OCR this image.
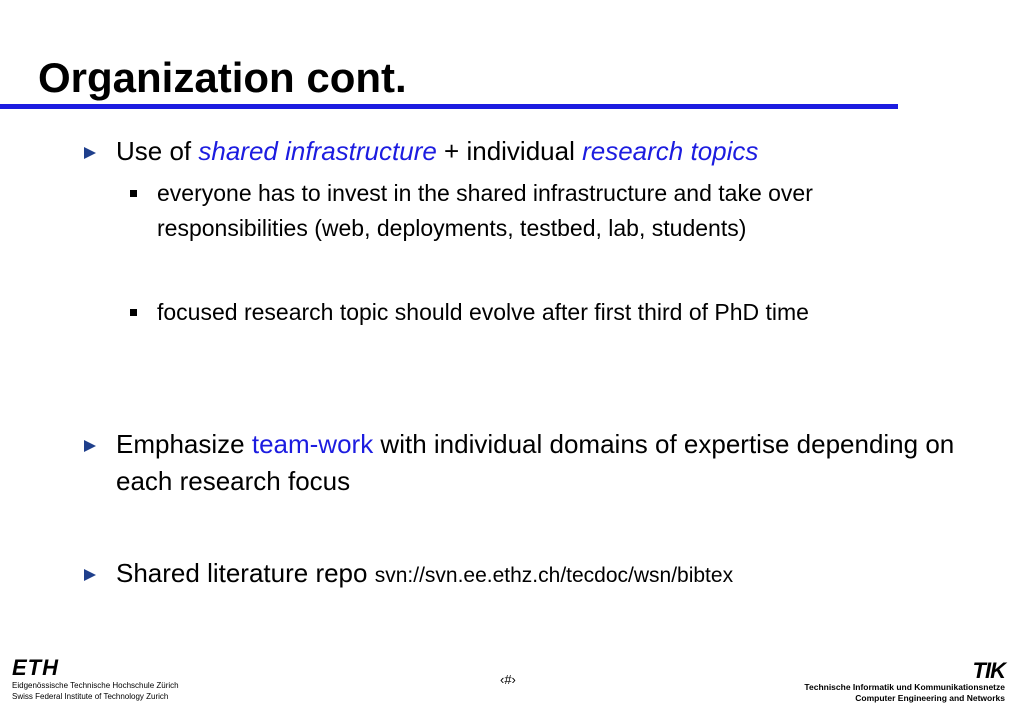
Organization cont.
Use of shared infrastructure + individual research topics
everyone has to invest in the shared infrastructure and take over responsibilities (web, deployments, testbed, lab, students)
focused research topic should evolve after first third of PhD time
Emphasize team-work with individual domains of expertise depending on each research focus
Shared literature repo svn://svn.ee.ethz.ch/tecdoc/wsn/bibtex
ETH
Eidgenössische Technische Hochschule Zürich
Swiss Federal Institute of Technology Zurich
‹#›	TIK
Technische Informatik und Kommunikationsnetze
Computer Engineering and Networks
